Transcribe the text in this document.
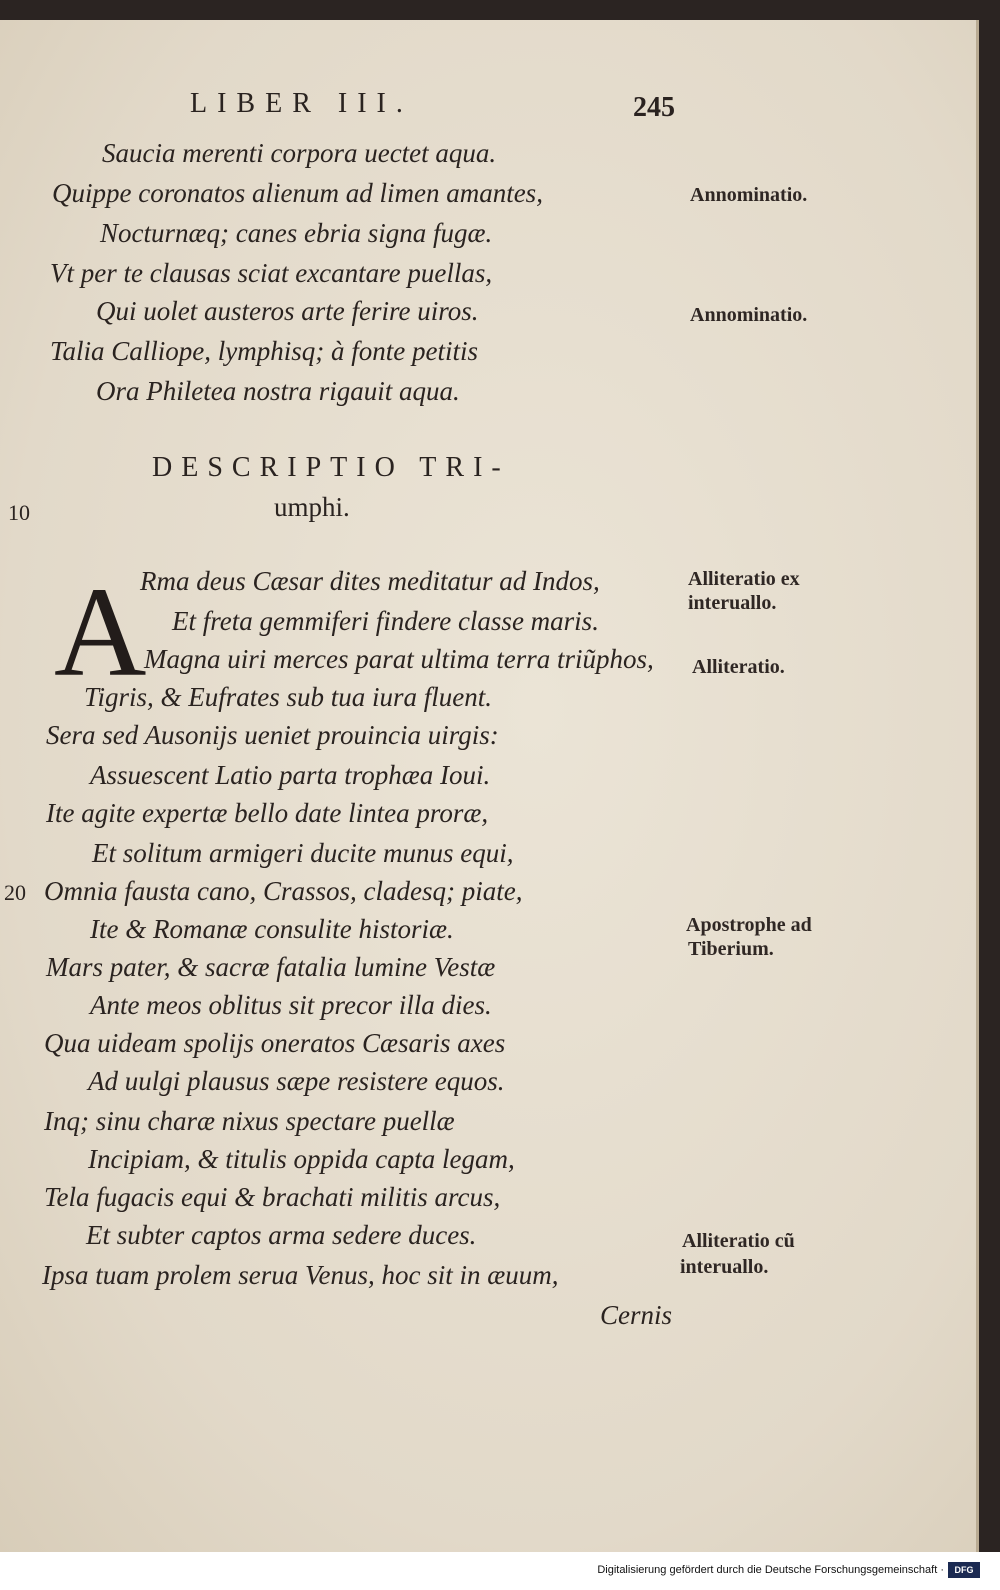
LIBER III.	245
Saucia merenti corpora uectet aqua.
Quippe coronatos alienum ad limen amantes,
Nocturnæq; canes ebria signa fugæ.
Vt per te clausas sciat excantare puellas,
Qui uolet austeros arte ferire uiros.
Talia Calliope, lymphisq; à fonte petitis
Ora Philetea nostra rigauit aqua.
Annominatio.
Annominatio.
DESCRIPTIO TRI-
umphi.
10
A
Rma deus Cæsar dites meditatur ad Indos,
Et freta gemmiferi findere classe maris.
Magna uiri merces parat ultima terra triũphos,
Tigris, & Eufrates sub tua iura fluent.
Sera sed Ausonijs ueniet prouincia uirgis:
Assuescent Latio parta trophæa Ioui.
Ite agite expertæ bello date lintea proræ,
Et solitum armigeri ducite munus equi,
Omnia fausta cano, Crassos, cladesq; piate,
Ite & Romanæ consulite historiæ.
Mars pater, & sacræ fatalia lumine Vestæ
Ante meos oblitus sit precor illa dies.
Qua uideam spolijs oneratos Cæsaris axes
Ad uulgi plausus sæpe resistere equos.
Inq; sinu charæ nixus spectare puellæ
Incipiam, & titulis oppida capta legam,
Tela fugacis equi & brachati militis arcus,
Et subter captos arma sedere duces.
Ipsa tuam prolem serua Venus, hoc sit in æuum,
20
Alliteratio ex
interuallo.
Alliteratio.
Apostrophe ad
Tiberium.
Alliteratio cũ
interuallo.
Cernis
Digitalisierung gefördert durch die Deutsche Forschungsgemeinschaft ·	DFG
